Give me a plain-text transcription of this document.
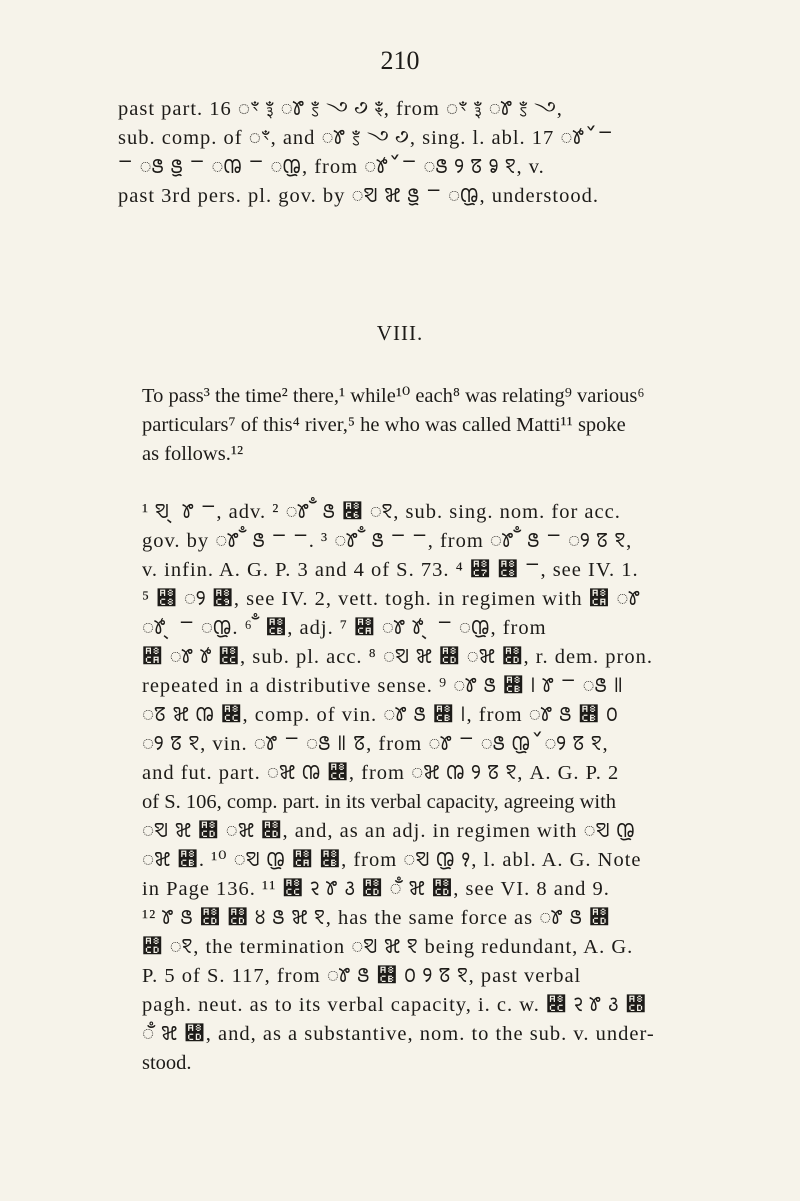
210
past part. 16 ◌ꣳ ꣶ ꢸ ꣷ ꣼ ꣹ ꣴ, from ◌ꣳ ꣶ ꢸ ꣷ ꣼,
sub. comp. of ◌ꣳ, and ꢸ ꣷ ꣼ ꣹, sing. l. abl. 17 ꢹ ꣺ ꣻ
ꣻ ꢺ ꢻ ꣻ ꢼ ꣻ ꢽ, from ꢹ ꣺ ꣻ ꢺ ꢾ ꢿ ꣀ ꣁ, v.
past 3rd pers. pl. gov. by ꣂ ꣃ ꢻ ꣻ ꢽ, understood.
VIII.
To pass³ the time² there,¹ while¹⁰ each⁸ was relating⁹ various⁶
particulars⁷ of this⁴ river,⁵ he who was called Matti¹¹ spoke
as follows.¹²
¹ ꣂ ꣄ ꢸ ꣻ, adv. ² ꢸ ꣅ ꢺ ꣆ ꣁ, sub. sing. nom. for acc.
gov. by ꢸ ꣅ ꢺ ꣻ ꣻ. ³ ꢸ ꣅ ꢺ ꣻ ꣻ, from ꢸ ꣅ ꢺ ꣻ ꢾ ꢿ ꣁ,
v. infin. A. G. P. 3 and 4 of S. 73. ⁴ ꣇ ꣈ ꣻ, see IV. 1.
⁵ ꣈ ꢾ ꣉, see IV. 2, vett. togh. in regimen with ꣊ ꢸ
ꢹ ꣄ ꣻ ꢽ. ⁶ ꣅ ꣋, adj. ⁷ ꣊ ꢸ ꢹ ꣄ ꣻ ꢽ, from
꣊ ꢸ ꢹ ꣌, sub. pl. acc. ⁸ ꣂ ꣃ ꣍ ꣃ ꣍, r. dem. pron.
repeated in a distributive sense. ⁹ ꢸ ꢺ ꣋ ꣎ ꢸ ꣻ ꢺ ꣏
ꢿ ꣃ ꢼ ꣌, comp. of vin. ꢸ ꢺ ꣋ ꣎, from ꢸ ꢺ ꣋ ꣐
ꢾ ꢿ ꣁ, vin. ꢸ ꣻ ꢺ ꣏ ꢿ, from ꢸ ꣻ ꢺ ꢽ ꣺ ꢾ ꢿ ꣁ,
and fut. part. ꣃ ꢼ ꣌, from ꣃ ꢼ ꢾ ꢿ ꣁ, A. G. P. 2
of S. 106, comp. part. in its verbal capacity, agreeing with
ꣂ ꣃ ꣍ ꣃ ꣍, and, as an adj. in regimen with ꣂ ꢽ
ꣃ ꣋. ¹⁰ ꣂ ꢽ ꣊ ꣋, from ꣂ ꢽ ꣑, l. abl. A. G. Note
in Page 136. ¹¹ ꣌ ꣒ ꢸ ꣓ ꣍ ꣅ ꣃ ꣍, see VI. 8 and 9.
¹² ꢸ ꢺ ꣍ ꣍ ꣔ ꢺ ꣃ ꣁ, has the same force as ꢸ ꢺ ꣍
꣍ ꣁ, the termination ꣂ ꣃ ꣁ being redundant, A. G.
P. 5 of S. 117, from ꢸ ꢺ ꣋ ꣐ ꢾ ꢿ ꣁ, past verbal
pagh. neut. as to its verbal capacity, i. c. w. ꣌ ꣒ ꢸ ꣓ ꣍
ꣅ ꣃ ꣍, and, as a substantive, nom. to the sub. v. under-
stood.
